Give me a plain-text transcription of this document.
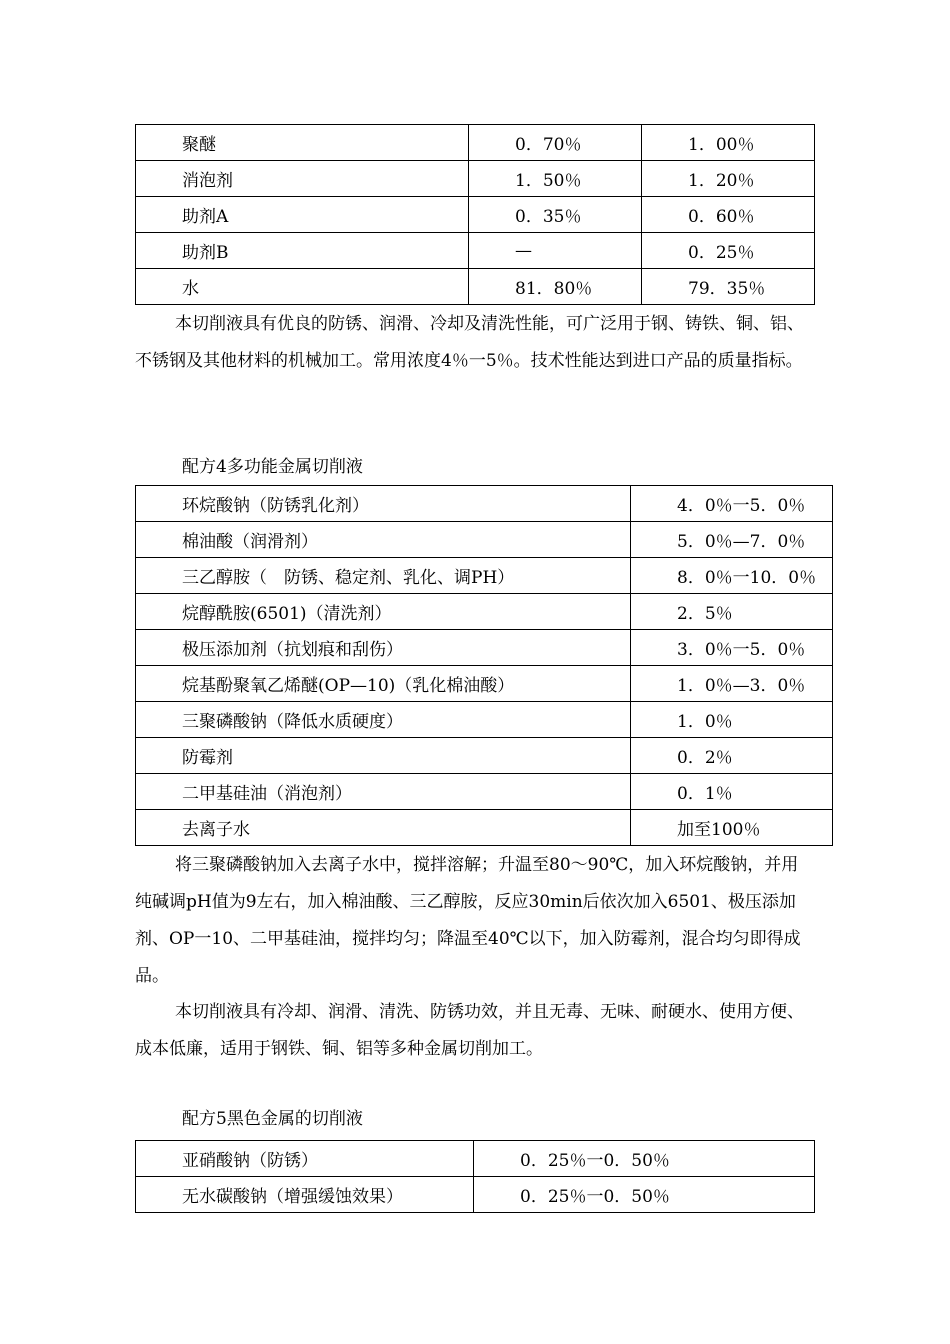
聚醚	0．70％	1．00％
消泡剂	1．50％	1．20％
助剂A	0．35％	0．60％
助剂B	—	0．25％
水	81．80％	79．35％

本切削液具有优良的防锈、润滑、冷却及清洗性能，可广泛用于钢、铸铁、铜、铝、不锈钢及其他材料的机械加工。常用浓度4％一5％。技术性能达到进口产品的质量指标。

配方4多功能金属切削液

环烷酸钠（防锈乳化剂）	4．0％一5．0％
棉油酸（润滑剂）	5．0％—7．0％
三乙醇胺（　防锈、稳定剂、乳化、调PH）	8．0％一10．0％
烷醇酰胺(6501)（清洗剂）	2．5％
极压添加剂（抗划痕和刮伤）	3．0％一5．0％
烷基酚聚氧乙烯醚(OP—10)（乳化棉油酸）	1．0％—3．0％
三聚磷酸钠（降低水质硬度）	1．0％
防霉剂	0．2％
二甲基硅油（消泡剂）	0．1％
去离子水	加至100％

将三聚磷酸钠加入去离子水中，搅拌溶解；升温至80～90℃，加入环烷酸钠，并用纯碱调pH值为9左右，加入棉油酸、三乙醇胺，反应30min后依次加入6501、极压添加剂、OP一10、二甲基硅油，搅拌均匀；降温至40℃以下，加入防霉剂，混合均匀即得成品。

本切削液具有冷却、润滑、清洗、防锈功效，并且无毒、无味、耐硬水、使用方便、成本低廉，适用于钢铁、铜、铝等多种金属切削加工。

配方5黑色金属的切削液

亚硝酸钠（防锈）	0．25％一0．50％
无水碳酸钠（增强缓蚀效果）	0．25％一0．50％
